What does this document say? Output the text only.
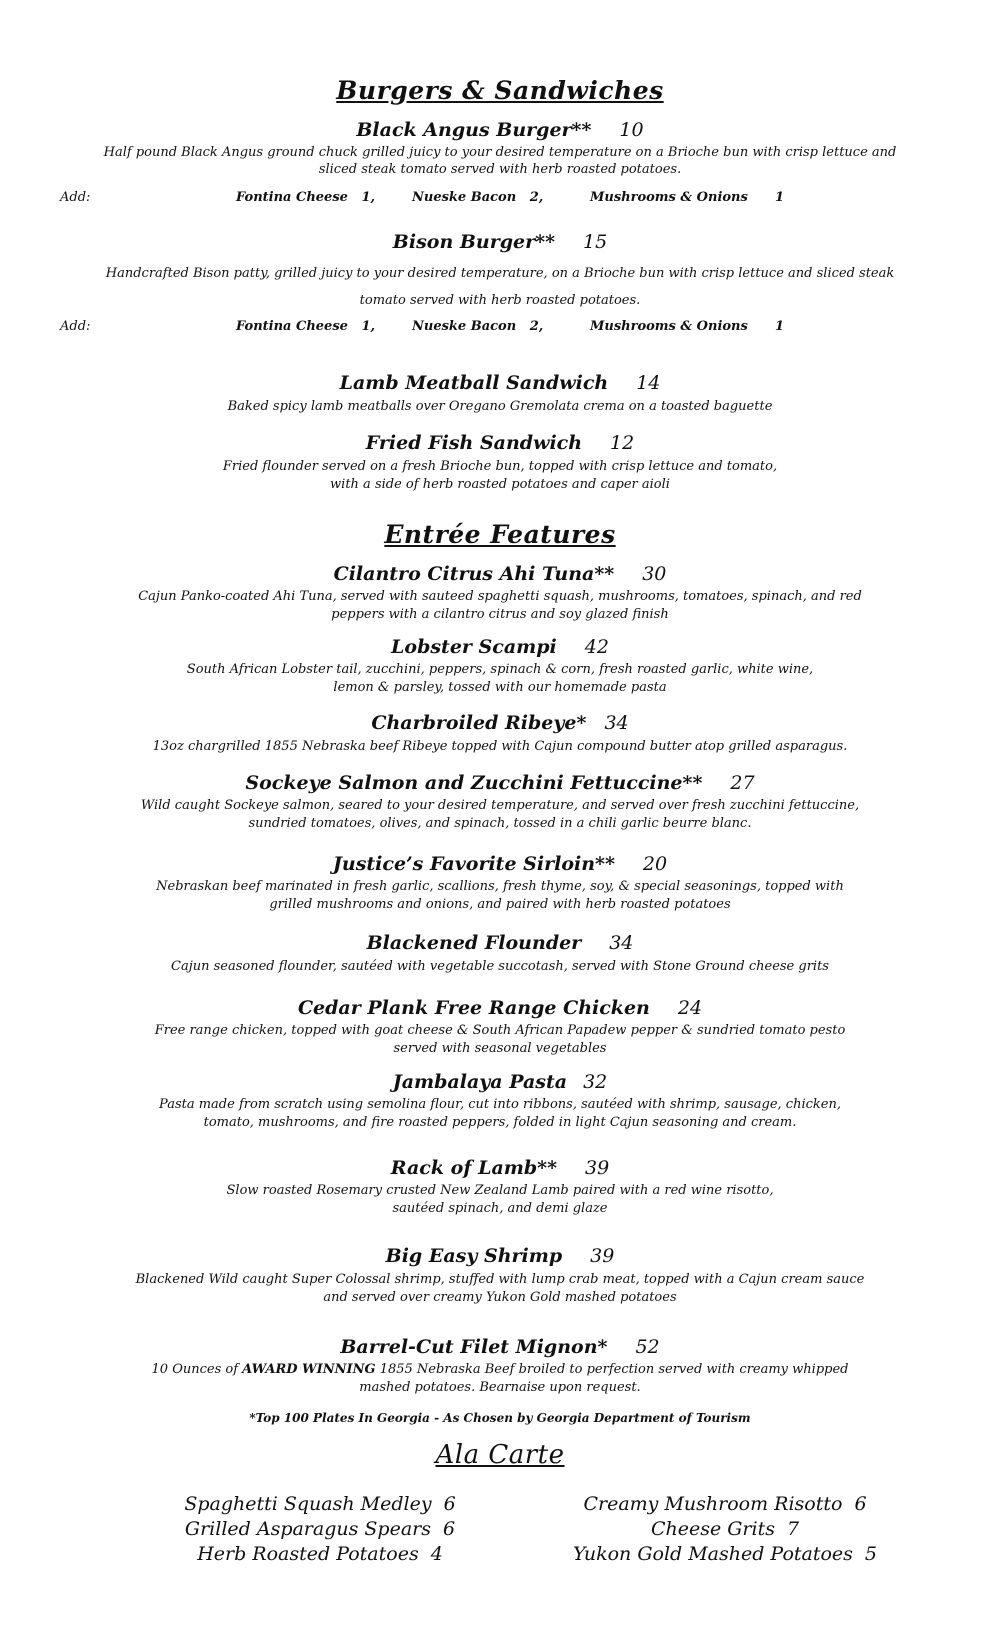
Burgers & Sandwiches
Black Angus Burger** 10
Half pound Black Angus ground chuck grilled juicy to your desired temperature on a Brioche bun with crisp lettuce and
sliced steak tomato served with herb roasted potatoes.
Add:	Fontina Cheese 1,	Nueske Bacon 2,	Mushrooms & Onions 1
Bison Burger** 15
Handcrafted Bison patty, grilled juicy to your desired temperature, on a Brioche bun with crisp lettuce and sliced steak
tomato served with herb roasted potatoes.
Add:	Fontina Cheese 1,	Nueske Bacon 2,	Mushrooms & Onions 1
Lamb Meatball Sandwich 14
Baked spicy lamb meatballs over Oregano Gremolata crema on a toasted baguette
Fried Fish Sandwich 12
Fried flounder served on a fresh Brioche bun, topped with crisp lettuce and tomato,
with a side of herb roasted potatoes and caper aioli
Entrée Features
Cilantro Citrus Ahi Tuna** 30
Cajun Panko-coated Ahi Tuna, served with sauteed spaghetti squash, mushrooms, tomatoes, spinach, and red
peppers with a cilantro citrus and soy glazed finish
Lobster Scampi 42
South African Lobster tail, zucchini, peppers, spinach & corn, fresh roasted garlic, white wine,
lemon & parsley, tossed with our homemade pasta
Charbroiled Ribeye* 34
13oz chargrilled 1855 Nebraska beef Ribeye topped with Cajun compound butter atop grilled asparagus.
Sockeye Salmon and Zucchini Fettuccine** 27
Wild caught Sockeye salmon, seared to your desired temperature, and served over fresh zucchini fettuccine,
sundried tomatoes, olives, and spinach, tossed in a chili garlic beurre blanc.
Justice’s Favorite Sirloin** 20
Nebraskan beef marinated in fresh garlic, scallions, fresh thyme, soy, & special seasonings, topped with
grilled mushrooms and onions, and paired with herb roasted potatoes
Blackened Flounder 34
Cajun seasoned flounder, sautéed with vegetable succotash, served with Stone Ground cheese grits
Cedar Plank Free Range Chicken 24
Free range chicken, topped with goat cheese & South African Papadew pepper & sundried tomato pesto
served with seasonal vegetables
Jambalaya Pasta 32
Pasta made from scratch using semolina flour, cut into ribbons, sautéed with shrimp, sausage, chicken,
tomato, mushrooms, and fire roasted peppers, folded in light Cajun seasoning and cream.
Rack of Lamb** 39
Slow roasted Rosemary crusted New Zealand Lamb paired with a red wine risotto,
sautéed spinach, and demi glaze
Big Easy Shrimp 39
Blackened Wild caught Super Colossal shrimp, stuffed with lump crab meat, topped with a Cajun cream sauce
and served over creamy Yukon Gold mashed potatoes
Barrel-Cut Filet Mignon* 52
10 Ounces of AWARD WINNING 1855 Nebraska Beef broiled to perfection served with creamy whipped
mashed potatoes. Bearnaise upon request.
*Top 100 Plates In Georgia - As Chosen by Georgia Department of Tourism
Ala Carte
Spaghetti Squash Medley 6
Grilled Asparagus Spears 6
Herb Roasted Potatoes 4
Creamy Mushroom Risotto 6
Cheese Grits 7
Yukon Gold Mashed Potatoes 5
